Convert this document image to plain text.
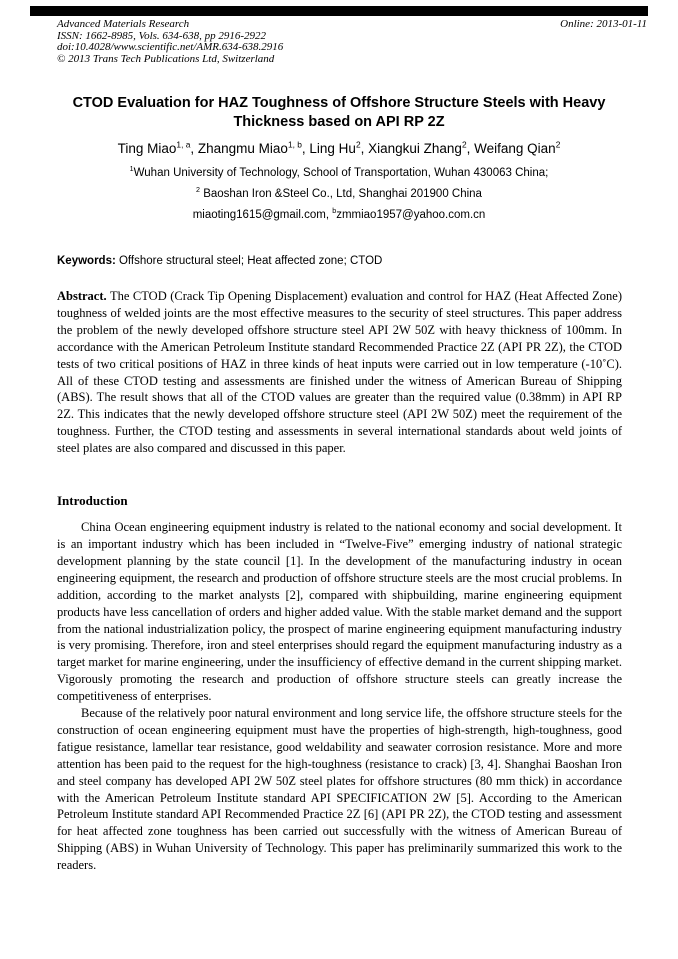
Advanced Materials Research
ISSN: 1662-8985, Vols. 634-638, pp 2916-2922
doi:10.4028/www.scientific.net/AMR.634-638.2916
© 2013 Trans Tech Publications Ltd, Switzerland
Online: 2013-01-11
CTOD Evaluation for HAZ Toughness of Offshore Structure Steels with Heavy Thickness based on API RP 2Z
Ting Miao$^{1, a}$, Zhangmu Miao$^{1, b}$, Ling Hu$^2$, Xiangkui Zhang$^2$, Weifang Qian$^2$
$^1$Wuhan University of Technology, School of Transportation, Wuhan 430063 China;
$^2$ Baoshan Iron &Steel Co., Ltd, Shanghai 201900 China
miaoting1615@gmail.com, $^b$zmmiao1957@yahoo.com.cn
Keywords: Offshore structural steel; Heat affected zone; CTOD

Abstract. The CTOD (Crack Tip Opening Displacement) evaluation and control for HAZ (Heat Affected Zone) toughness of welded joints are the most effective measures to the security of steel structures. This paper address the problem of the newly developed offshore structure steel API 2W 50Z with heavy thickness of 100mm. In accordance with the American Petroleum Institute standard Recommended Practice 2Z (API PR 2Z), the CTOD tests of two critical positions of HAZ in three kinds of heat inputs were carried out in low temperature (-10˚C). All of these CTOD testing and assessments are finished under the witness of American Bureau of Shipping (ABS). The result shows that all of the CTOD values are greater than the required value (0.38mm) in API RP 2Z. This indicates that the newly developed offshore structure steel (API 2W 50Z) meet the requirement of the toughness. Further, the CTOD testing and assessments in several international standards about weld joints of steel plates are also compared and discussed in this paper.

Introduction

China Ocean engineering equipment industry is related to the national economy and social development. It is an important industry which has been included in “Twelve-Five” emerging industry of national strategic development planning by the state council [1]. In the development of the manufacturing industry in ocean engineering equipment, the research and production of offshore structure steels are the most crucial problems. In addition, according to the market analysts [2], compared with shipbuilding, marine engineering equipment products have less cancellation of orders and higher added value. With the stable market demand and the support from the national industrialization policy, the prospect of marine engineering equipment manufacturing industry is very promising. Therefore, iron and steel enterprises should regard the equipment manufacturing industry as a target market for marine engineering, under the insufficiency of effective demand in the current shipping market. Vigorously promoting the research and production of offshore structure steels can greatly increase the competitiveness of enterprises.

Because of the relatively poor natural environment and long service life, the offshore structure steels for the construction of ocean engineering equipment must have the properties of high-strength, high-toughness, good fatigue resistance, lamellar tear resistance, good weldability and seawater corrosion resistance. More and more attention has been paid to the request for the high-toughness (resistance to crack) [3, 4]. Shanghai Baoshan Iron and steel company has developed API 2W 50Z steel plates for offshore structures (80 mm thick) in accordance with the American Petroleum Institute standard API SPECIFICATION 2W [5]. According to the American Petroleum Institute standard API Recommended Practice 2Z [6] (API PR 2Z), the CTOD testing and assessment for heat affected zone toughness has been carried out successfully with the witness of American Bureau of Shipping (ABS) in Wuhan University of Technology. This paper has preliminarily summarized this work to the readers.
